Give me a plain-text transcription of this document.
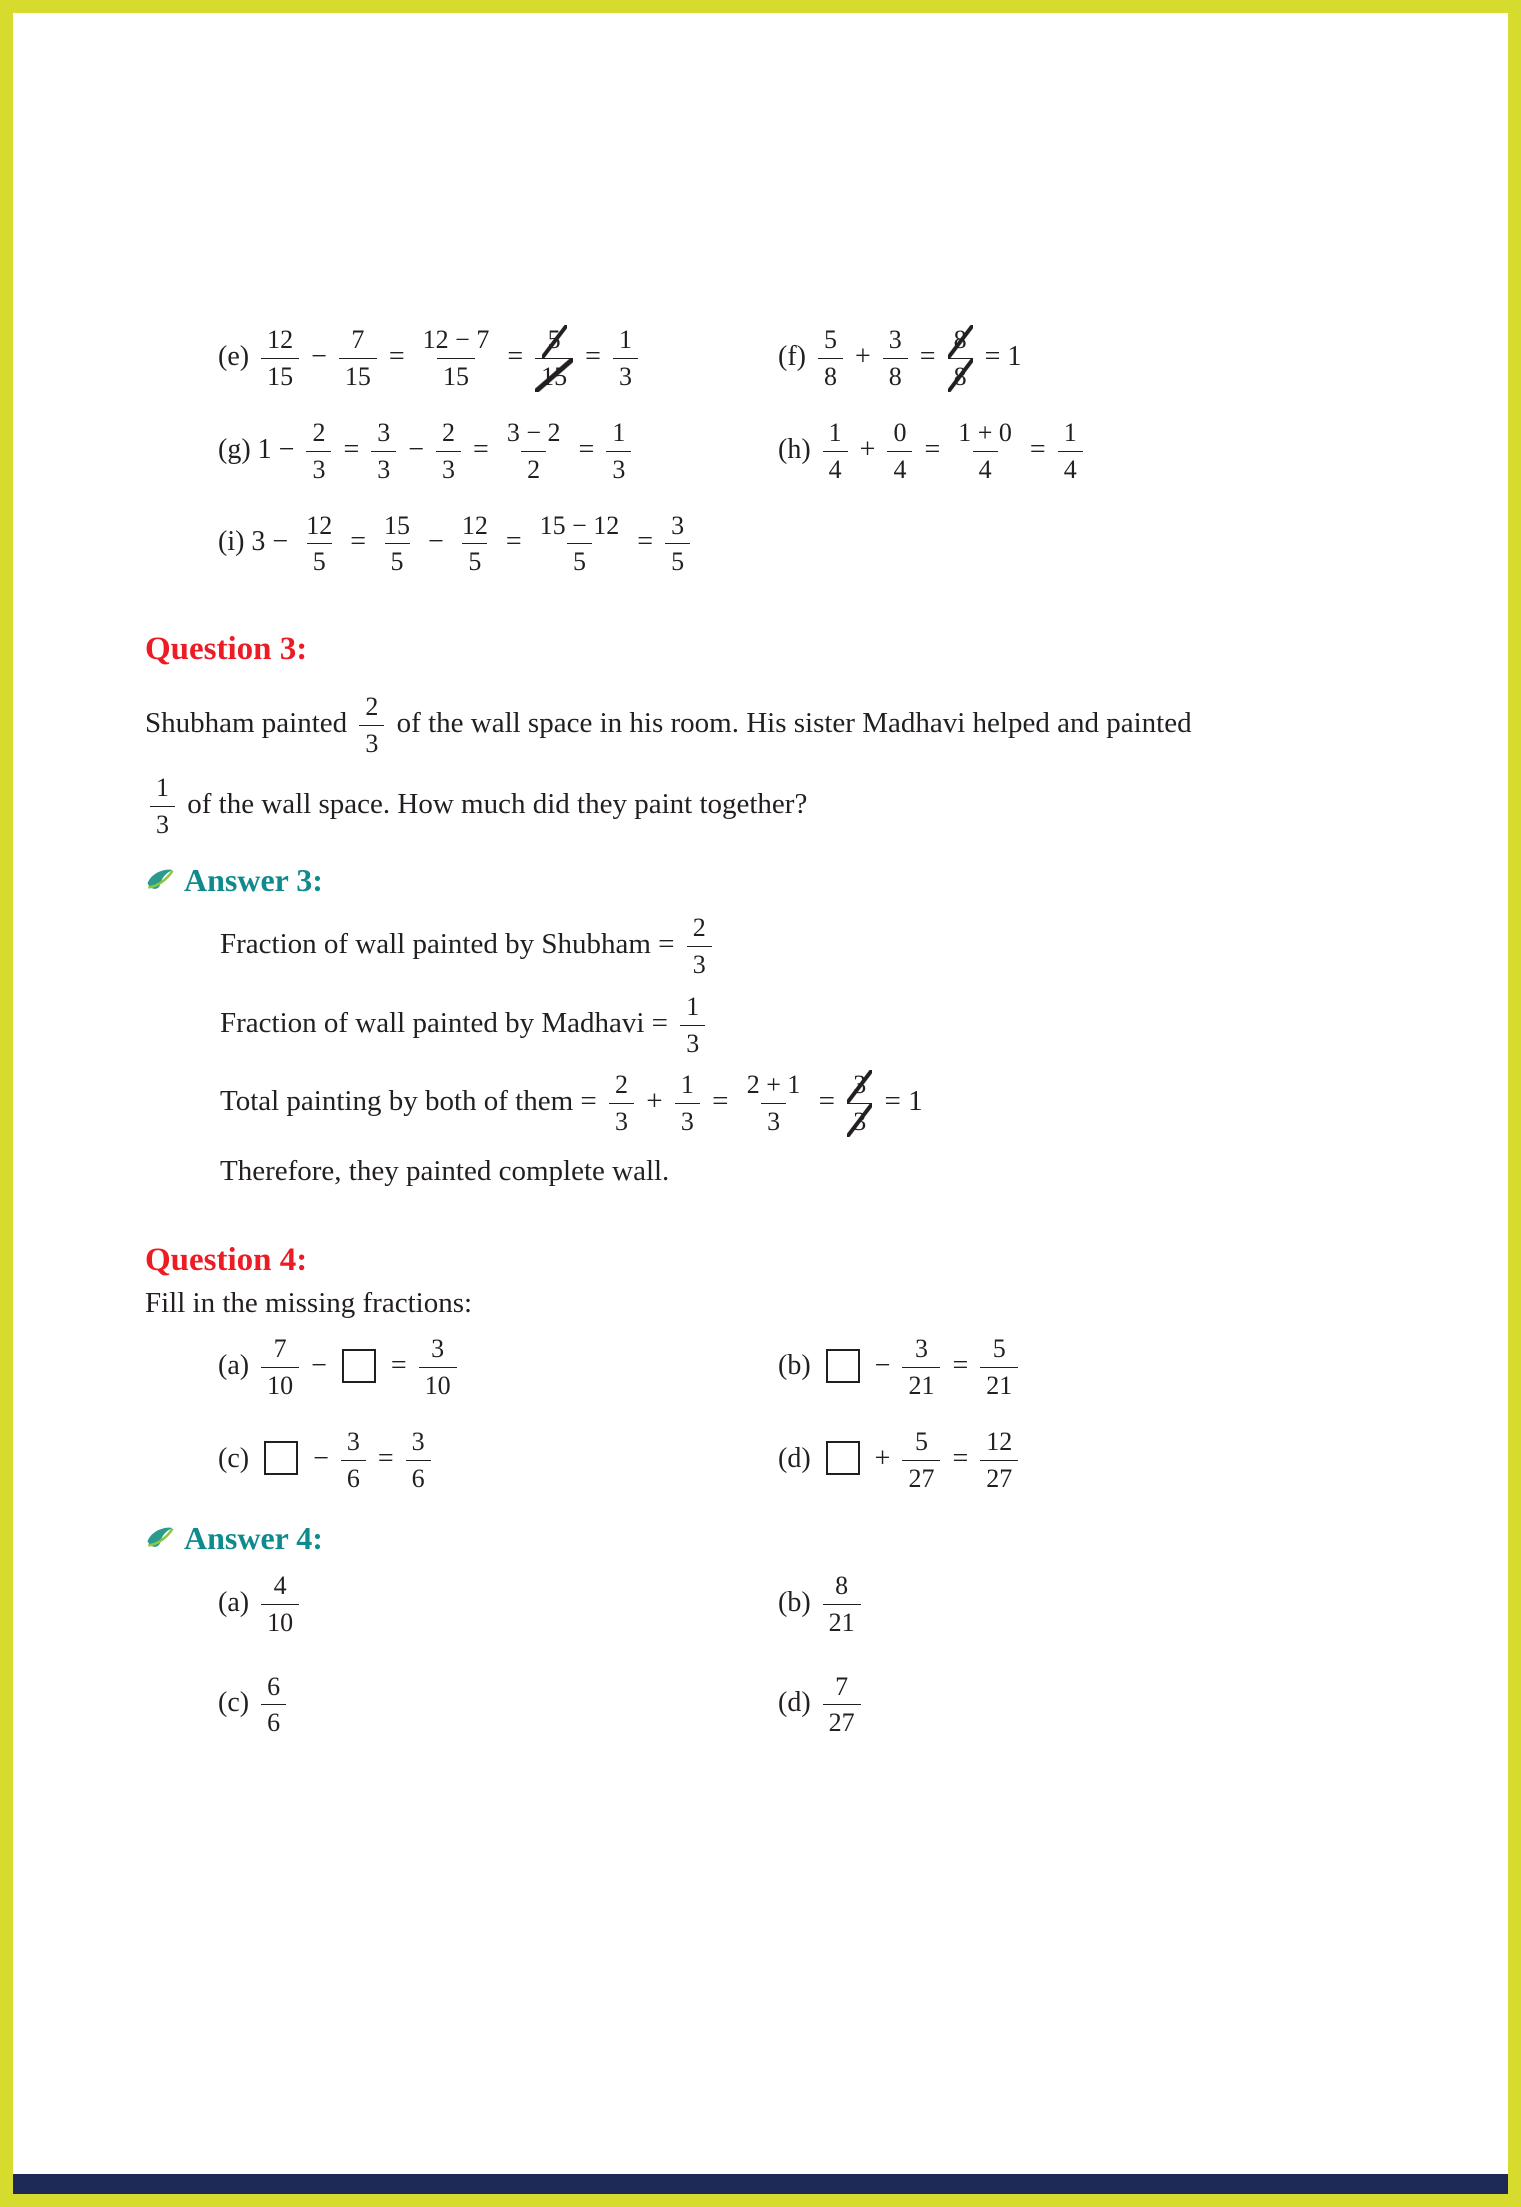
$(e) \frac{12}{15} - \frac{7}{15} = \frac{12 - 7}{15} = \frac{5}{15} = \frac{1}{3}$	$(f) \frac{5}{8} + \frac{3}{8} = \frac{8}{8} = 1$
(g) $1 - \frac{2}{3} = \frac{3}{3} - \frac{2}{3} = \frac{3 - 2}{2} = \frac{1}{3}$	$(h) \frac{1}{4} + \frac{0}{4} = \frac{1 + 0}{4} = \frac{1}{4}$
(i) $3 - \frac{12}{5} = \frac{15}{5} - \frac{12}{5} = \frac{15 - 12}{5} = \frac{3}{5}$
Question 3:

Shubham painted $\frac{2}{3}$ of the wall space in his room. His sister Madhavi helped and painted

$\frac{1}{3}$ of the wall space. How much did they paint together?

Answer 3:

Fraction of wall painted by Shubham = $\frac{2}{3}$

Fraction of wall painted by Madhavi = $\frac{1}{3}$

Total painting by both of them = $\frac{2}{3} + \frac{1}{3} = \frac{2 + 1}{3} = \frac{3}{3} = 1$

Therefore, they painted complete wall.

Question 4:

Fill in the missing fractions:

$(a) \frac{7}{10}$ −  = $\frac{3}{10}$	$(b) - \frac{3}{21} = \frac{5}{21}$
$(c) - \frac{3}{6} = \frac{3}{6}$	$(d) + \frac{5}{27} = \frac{12}{27}$
Answer 4:
$(a) \frac{4}{10}$	$(b) \frac{8}{21}$
$(c) \frac{6}{6}$	$(d) \frac{7}{27}$
